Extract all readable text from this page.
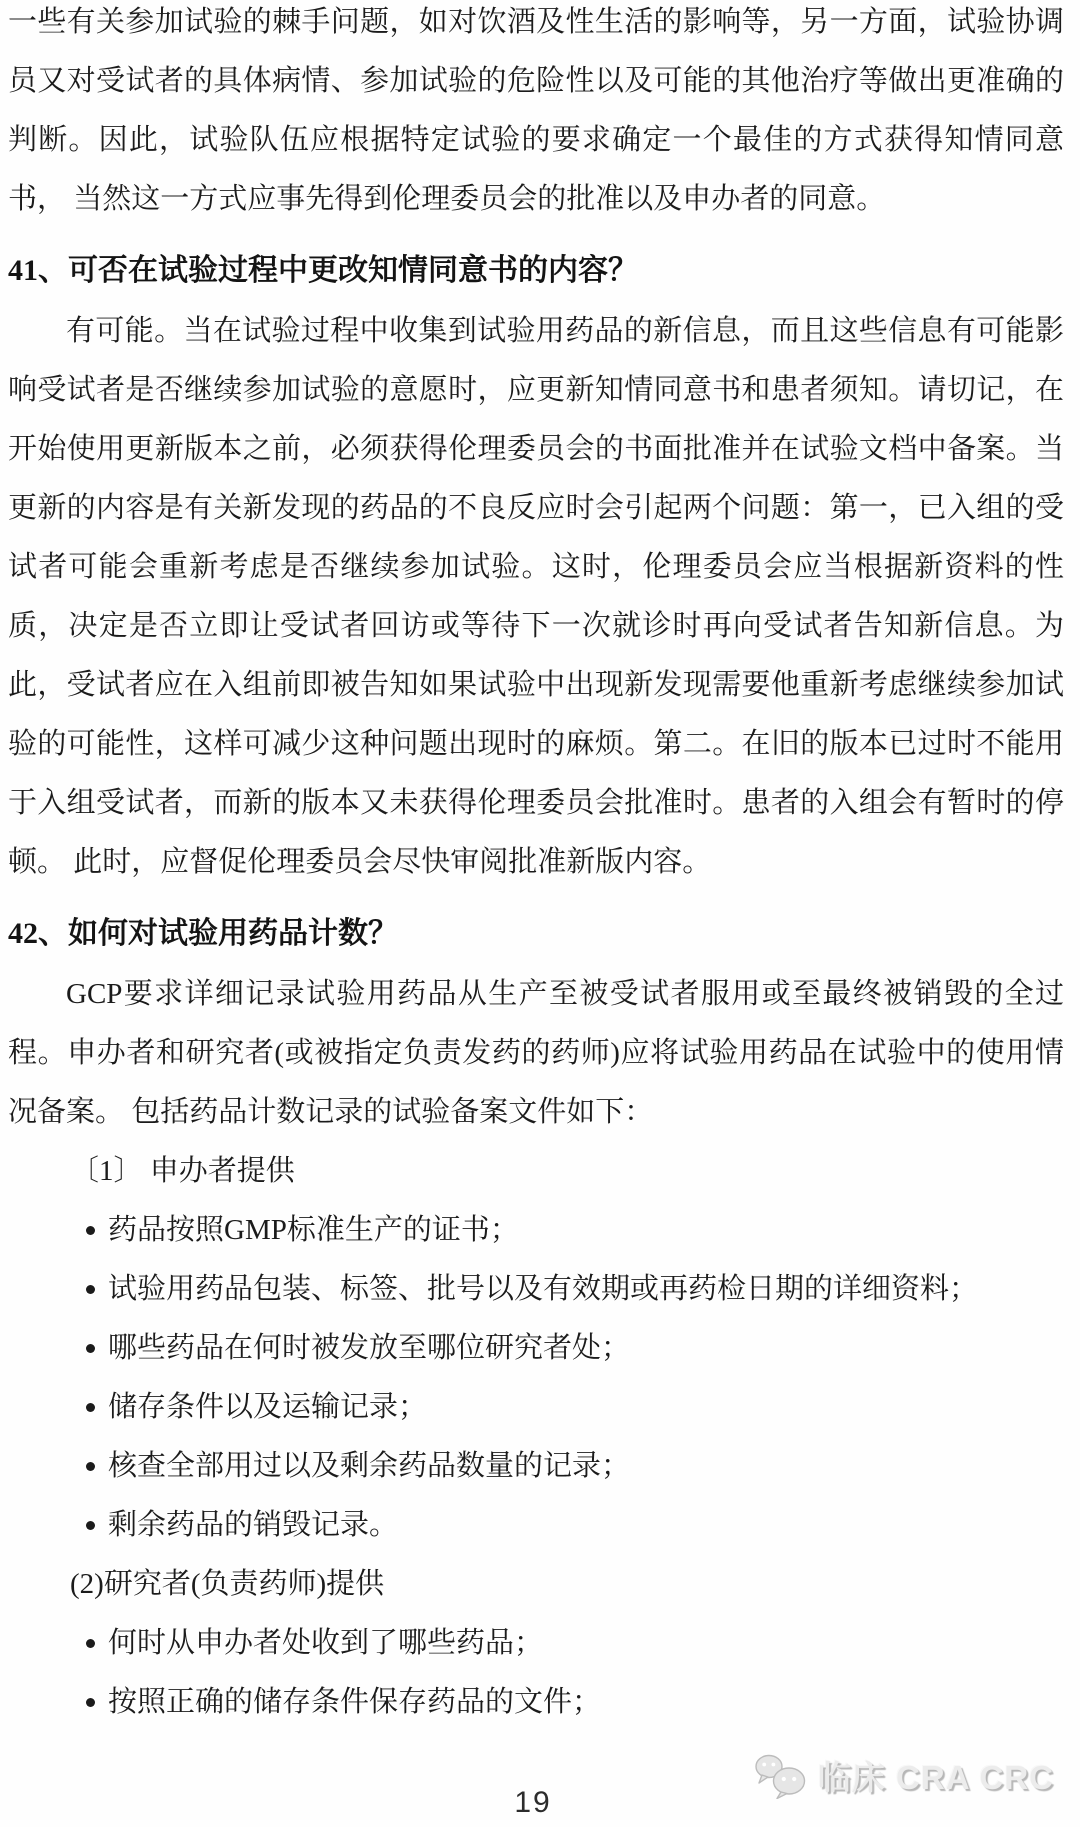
一些有关参加试验的棘手问题，如对饮酒及性生活的影响等，另一方面，试验协调员又对受试者的具体病情、参加试验的危险性以及可能的其他治疗等做出更准确的判断。因此，试验队伍应根据特定试验的要求确定一个最佳的方式获得知情同意书， 当然这一方式应事先得到伦理委员会的批准以及申办者的同意。

41、可否在试验过程中更改知情同意书的内容？

有可能。当在试验过程中收集到试验用药品的新信息，而且这些信息有可能影响受试者是否继续参加试验的意愿时，应更新知情同意书和患者须知。请切记，在开始使用更新版本之前，必须获得伦理委员会的书面批准并在试验文档中备案。当更新的内容是有关新发现的药品的不良反应时会引起两个问题：第一，已入组的受试者可能会重新考虑是否继续参加试验。这时，伦理委员会应当根据新资料的性质，决定是否立即让受试者回访或等待下一次就诊时再向受试者告知新信息。为此，受试者应在入组前即被告知如果试验中出现新发现需要他重新考虑继续参加试验的可能性，这样可减少这种问题出现时的麻烦。第二。在旧的版本已过时不能用于入组受试者，而新的版本又未获得伦理委员会批准时。患者的入组会有暂时的停顿。 此时，应督促伦理委员会尽快审阅批准新版内容。

42、如何对试验用药品计数？

GCP要求详细记录试验用药品从生产至被受试者服用或至最终被销毁的全过程。申办者和研究者(或被指定负责发药的药师)应将试验用药品在试验中的使用情况备案。 包括药品计数记录的试验备案文件如下：

〔1〕 申办者提供

药品按照GMP标准生产的证书；

试验用药品包装、标签、批号以及有效期或再药检日期的详细资料；

哪些药品在何时被发放至哪位研究者处；

储存条件以及运输记录；

核查全部用过以及剩余药品数量的记录；

剩余药品的销毁记录。

(2)研究者(负责药师)提供

何时从申办者处收到了哪些药品；

按照正确的储存条件保存药品的文件；

临床 CRA CRC
19
